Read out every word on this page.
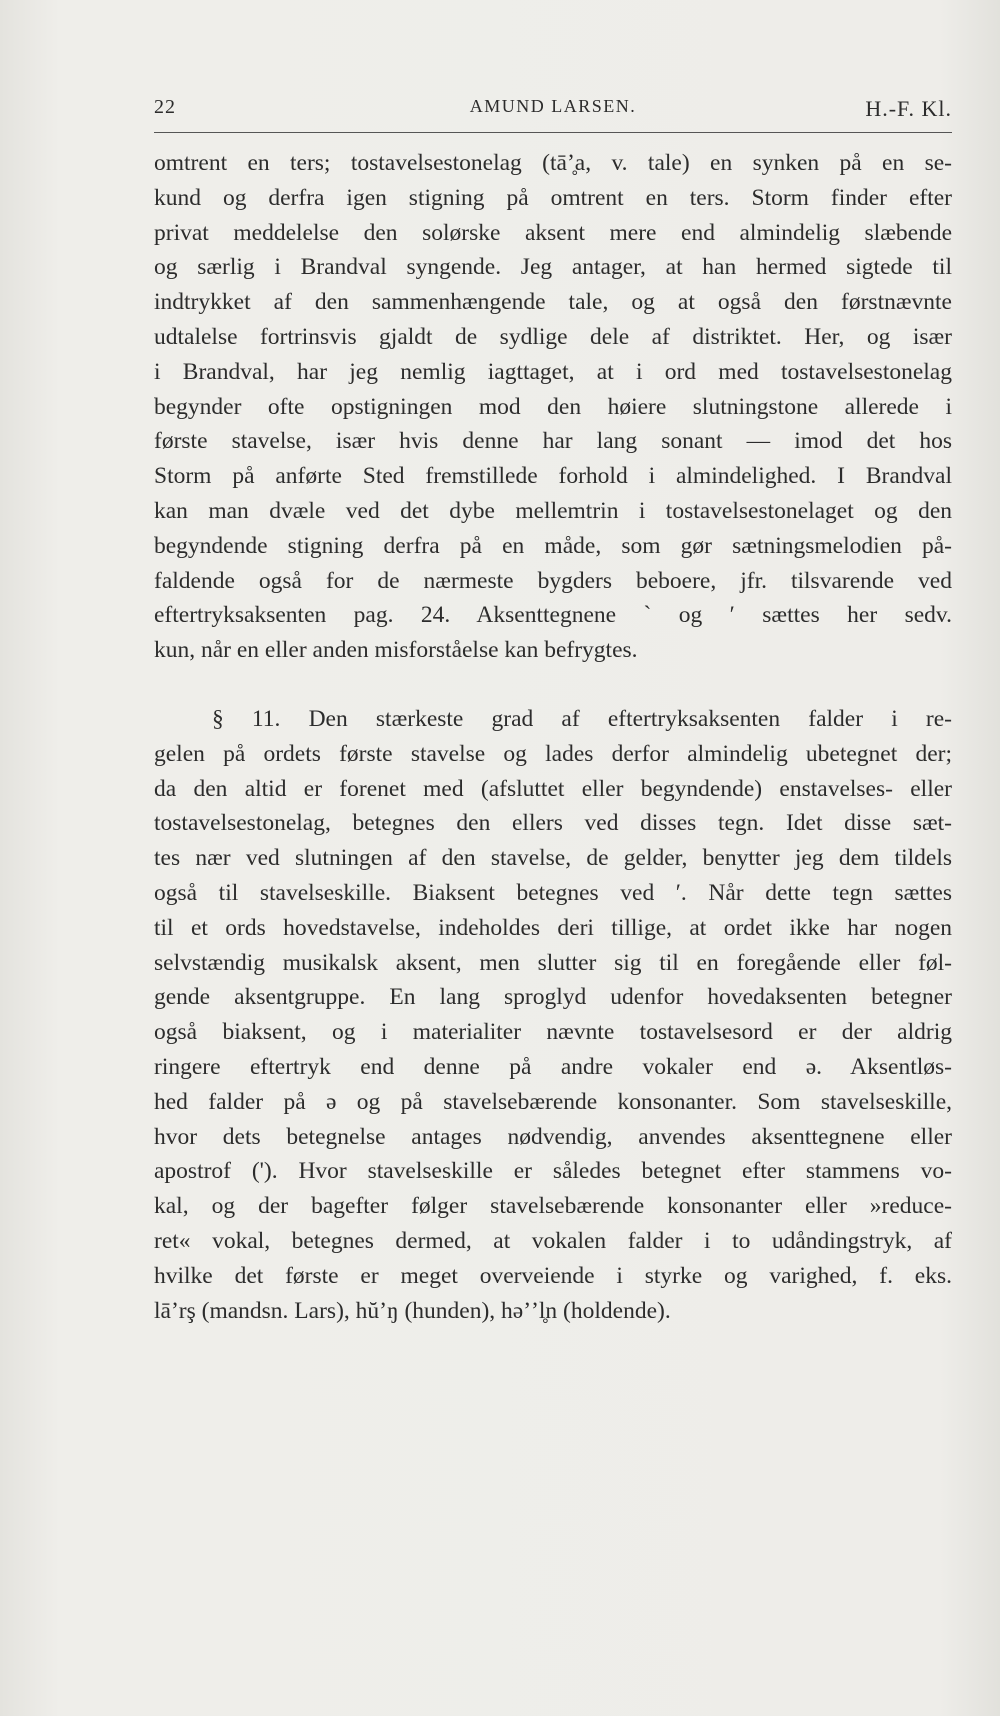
22	AMUND LARSEN.	H.-F. Kl.
omtrent en ters; tostavelsestonelag (tāʼ̥a, v. tale) en synken på en se-
kund og derfra igen stigning på omtrent en ters. Storm finder efter
privat meddelelse den solørske aksent mere end almindelig slæbende
og særlig i Brandval syngende. Jeg antager, at han hermed sigtede til
indtrykket af den sammenhængende tale, og at også den førstnævnte
udtalelse fortrinsvis gjaldt de sydlige dele af distriktet. Her, og især
i Brandval, har jeg nemlig iagttaget, at i ord med tostavelsestonelag
begynder ofte opstigningen mod den høiere slutningstone allerede i
første stavelse, især hvis denne har lang sonant — imod det hos
Storm på anførte Sted fremstillede forhold i almindelighed. I Brandval
kan man dvæle ved det dybe mellemtrin i tostavelsestonelaget og den
begyndende stigning derfra på en måde, som gør sætningsmelodien på-
faldende også for de nærmeste bygders beboere, jfr. tilsvarende ved
eftertryksaksenten pag. 24. Aksenttegnene ` og ′ sættes her sedv.
kun, når en eller anden misforståelse kan befrygtes.
§ 11. Den stærkeste grad af eftertryksaksenten falder i re-
gelen på ordets første stavelse og lades derfor almindelig ubetegnet der;
da den altid er forenet med (afsluttet eller begyndende) enstavelses- eller
tostavelsestonelag, betegnes den ellers ved disses tegn. Idet disse sæt-
tes nær ved slutningen af den stavelse, de gelder, benytter jeg dem tildels
også til stavelseskille. Biaksent betegnes ved ′. Når dette tegn sættes
til et ords hovedstavelse, indeholdes deri tillige, at ordet ikke har nogen
selvstændig musikalsk aksent, men slutter sig til en foregående eller føl-
gende aksentgruppe. En lang sproglyd udenfor hovedaksenten betegner
også biaksent, og i materialiter nævnte tostavelsesord er der aldrig
ringere eftertryk end denne på andre vokaler end ə. Aksentløs-
hed falder på ə og på stavelsebærende konsonanter. Som stavelseskille,
hvor dets betegnelse antages nødvendig, anvendes aksenttegnene eller
apostrof ('). Hvor stavelseskille er således betegnet efter stammens vo-
kal, og der bagefter følger stavelsebærende konsonanter eller »reduce-
ret« vokal, betegnes dermed, at vokalen falder i to udåndingstryk, af
hvilke det første er meget overveiende i styrke og varighed, f. eks.
lāʼrş (mandsn. Lars), hŭʼŋ (hunden), həʼʼl̥n (holdende).
